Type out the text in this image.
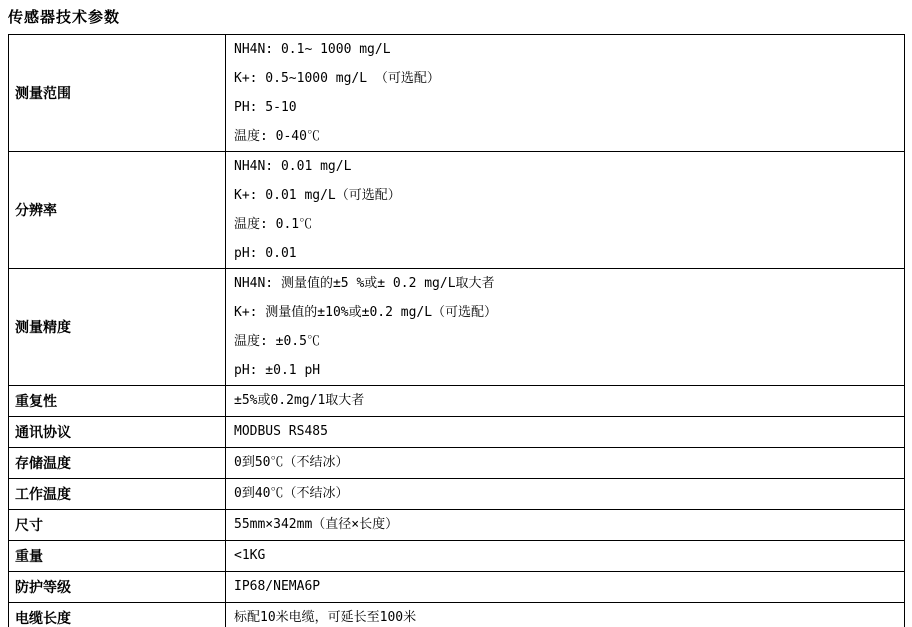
传感器技术参数
测量范围	NH4N: 0.1~ 1000 mg/L
K+: 0.5~1000 mg/L （可选配）
PH: 5-10
温度: 0-40℃

分辨率	NH4N: 0.01 mg/L
K+: 0.01 mg/L（可选配）
温度: 0.1℃
pH: 0.01

测量精度	NH4N: 测量值的±5 %或± 0.2 mg/L取大者
K+: 测量值的±10%或±0.2 mg/L（可选配）
温度: ±0.5℃
pH: ±0.1 pH

重复性	±5%或0.2mg/1取大者

通讯协议	MODBUS RS485

存储温度	0到50℃（不结冰）

工作温度	0到40℃（不结冰）

尺寸	55mm×342mm（直径×长度）

重量	<1KG

防护等级	IP68/NEMA6P

电缆长度	标配10米电缆，可延长至100米
